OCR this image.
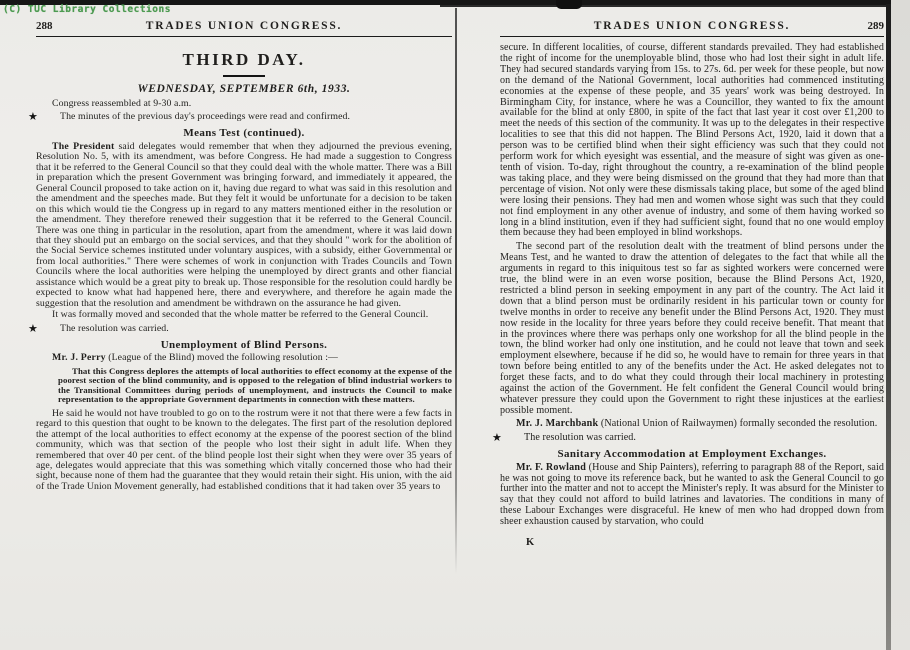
(C) TUC Library Collections
288	TRADES UNION CONGRESS.
THIRD DAY.
WEDNESDAY, SEPTEMBER 6th, 1933.

Congress reassembled at 9-30 a.m.

★	The minutes of the previous day's proceedings were read and confirmed.

Means Test (continued).

The President said delegates would remember that when they adjourned the previous evening, Resolution No. 5, with its amendment, was before Congress. He had made a suggestion to Congress that it be referred to the General Council so that they could deal with the whole matter. There was a Bill in preparation which the present Government was bringing forward, and immediately it appeared, the General Council proposed to take action on it, having due regard to what was said in this resolution and the amendment and the speeches made. But they felt it would be unfortunate for a decision to be taken on this which would tie the Congress up in regard to any matters mentioned either in the resolution or the amendment. They therefore renewed their suggestion that it be referred to the General Council. There was one thing in particular in the resolution, apart from the amendment, where it was laid down that they should put an embargo on the social services, and that they should " work for the abolition of the Social Service schemes instituted under voluntary auspices, with a subsidy, either Governmental or from local authorities." There were schemes of work in conjunction with Trades Councils and Town Councils where the local authorities were helping the unemployed by direct grants and other fiancial assistance which would be a great pity to break up. Those responsible for the resolution could hardly be expected to know what had happened here, there and everywhere, and therefore he again made the suggestion that the resolution and amendment be withdrawn on the assurance he had given.

It was formally moved and seconded that the whole matter be referred to the General Council.

★	The resolution was carried.

Unemployment of Blind Persons.

Mr. J. Perry (League of the Blind) moved the following resolution :—

That this Congress deplores the attempts of local authorities to effect economy at the expense of the poorest section of the blind community, and is opposed to the relegation of blind industrial workers to the Transitional Committees during periods of unemployment, and instructs the Council to make representation to the appropriate Government departments in connection with these matters.

He said he would not have troubled to go on to the rostrum were it not that there were a few facts in regard to this question that ought to be known to the delegates. The first part of the resolution deplored the attempt of the local authorities to effect economy at the expense of the poorest section of the blind community, which was that section of the people who lost their sight in adult life. When they remembered that over 40 per cent. of the blind people lost their sight when they were over 35 years of age, delegates would appreciate that this was something which vitally concerned those who had their sight, because none of them had the guarantee that they would retain their sight. His union, with the aid of the Trade Union Movement generally, had established conditions that it had taken over 35 years to

TRADES UNION CONGRESS.	289

secure. In different localities, of course, different standards prevailed. They had established the right of income for the unemployable blind, those who had lost their sight in adult life. They had secured standards varying from 15s. to 27s. 6d. per week for these people, but now on the demand of the National Government, local authorities had commenced instituting economies at the expense of these people, and 35 years' work was being destroyed. In Birmingham City, for instance, where he was a Councillor, they wanted to fix the amount available for the blind at only £800, in spite of the fact that last year it cost over £1,200 to meet the needs of this section of the community. It was up to the delegates in their respective localities to see that this did not happen. The Blind Persons Act, 1920, laid it down that a person was to be certified blind when their sight efficiency was such that they could not perform work for which eyesight was essential, and the measure of sight was given as one-tenth of vision. To-day, right throughout the country, a re-examination of the blind people was taking place, and they were being dismissed on the ground that they had more than that percentage of vision. Not only were these dismissals taking place, but some of the aged blind were losing their pensions. They had men and women whose sight was such that they could not find employment in any other avenue of industry, and some of them having worked so long in a blind institution, even if they had sufficient sight, found that no one would employ them because they had been employed in blind workshops.

The second part of the resolution dealt with the treatment of blind persons under the Means Test, and he wanted to draw the attention of delegates to the fact that while all the arguments in regard to this iniquitous test so far as sighted workers were concerned were true, the blind were in an even worse position, because the Blind Persons Act, 1920, restricted a blind person in seeking empoyment in any part of the country. The Act laid it down that a blind person must be ordinarily resident in his particular town or county for twelve months in order to receive any benefit under the Blind Persons Act, 1920. They must now reside in the locality for three years before they could receive benefit. That meant that in the provinces where there was perhaps only one workshop for all the blind people in the town, the blind worker had only one institution, and he could not leave that town and seek employment elsewhere, because if he did so, he would have to remain for three years in that town before being entitled to any of the benefits under the Act. He asked delegates not to forget these facts, and to do what they could through their local machinery in protesting against the action of the Government. He felt confident the General Council would bring whatever pressure they could upon the Government to right these injustices at the earliest possible moment.

Mr. J. Marchbank (National Union of Railwaymen) formally seconded the resolution.

★	The resolution was carried.

Sanitary Accommodation at Employment Exchanges.

Mr. F. Rowland (House and Ship Painters), referring to paragraph 88 of the Report, said he was not going to move its reference back, but he wanted to ask the General Council to go further into the matter and not to accept the Minister's reply. It was absurd for the Minister to say that they could not afford to build latrines and lavatories. The conditions in many of these Labour Exchanges were disgraceful. He knew of men who had dropped down from sheer exhaustion caused by starvation, who could

K
